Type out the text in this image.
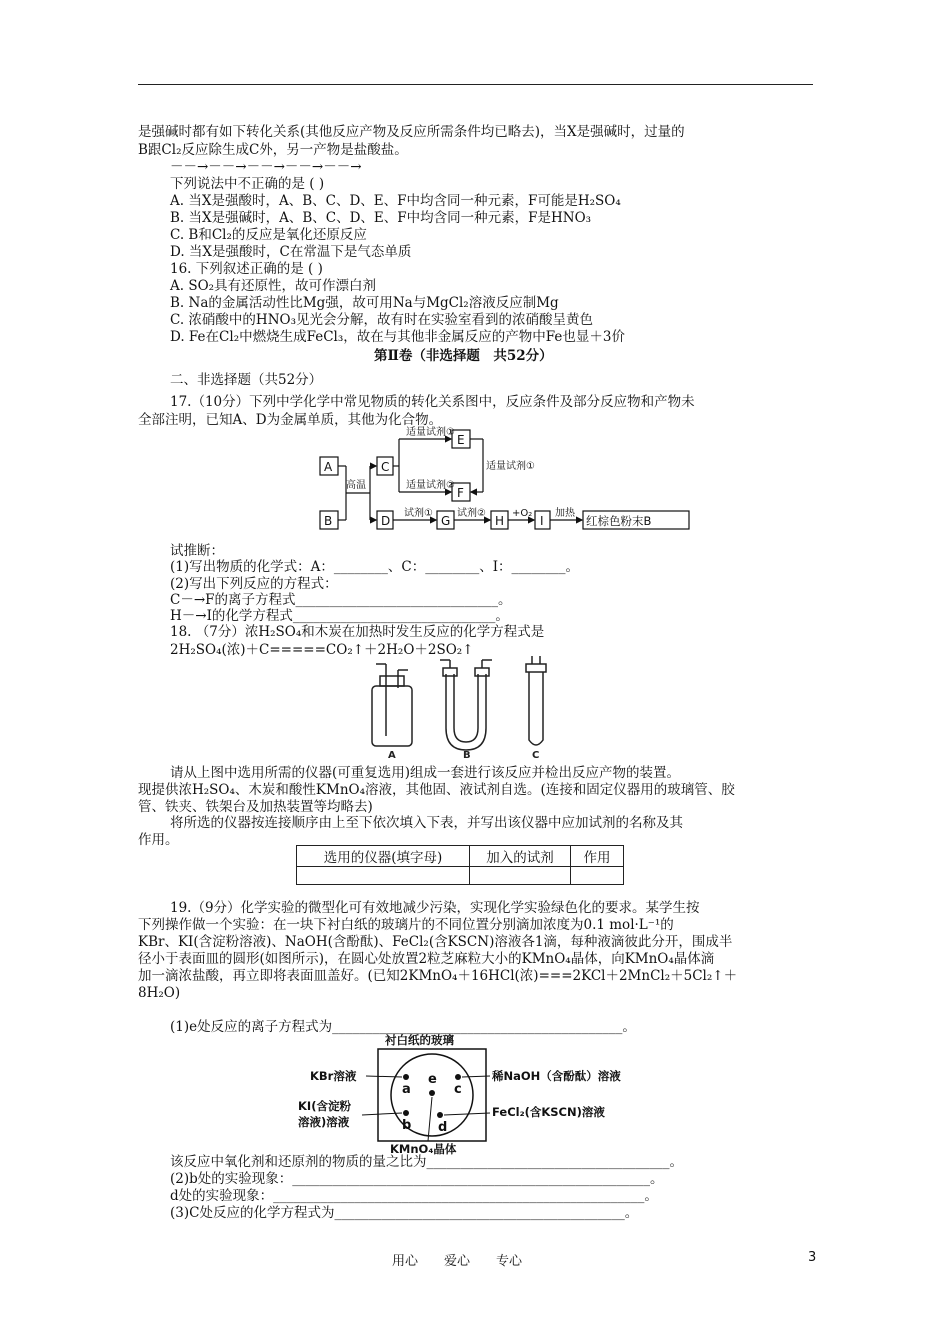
是强碱时都有如下转化关系(其他反应产物及反应所需条件均已略去)，当X是强碱时，过量的
B跟Cl₂反应除生成C外，另一产物是盐酸盐。
－－→－－→－－→－－→－－→
下列说法中不正确的是 ( )
A. 当X是强酸时，A、B、C、D、E、F中均含同一种元素，F可能是H₂SO₄
B. 当X是强碱时，A、B、C、D、E、F中均含同一种元素，F是HNO₃
C. B和Cl₂的反应是氧化还原反应
D. 当X是强酸时，C在常温下是气态单质
16. 下列叙述正确的是 ( )
A. SO₂具有还原性，故可作漂白剂
B. Na的金属活动性比Mg强，故可用Na与MgCl₂溶液反应制Mg
C. 浓硝酸中的HNO₃见光会分解，故有时在实验室看到的浓硝酸呈黄色
D. Fe在Cl₂中燃烧生成FeCl₃，故在与其他非金属反应的产物中Fe也显＋3价
第Ⅱ卷（非选择题　共52分）
二、非选择题（共52分）
17.（10分）下列中学化学中常见物质的转化关系图中，反应条件及部分反应物和产物未
全部注明，已知A、D为金属单质，其他为化合物。
A
B
C
D
E
F
G	H	I
高温
适量试剂①
适量试剂②
适量试剂①
试剂① 试剂②	+O₂ 加热
红棕色粉末B
试推断：
(1)写出物质的化学式：A：________、C：________、I：________。
(2)写出下列反应的方程式：
C－→F的离子方程式______________________________。
H－→I的化学方程式______________________________。
18. （7分）浓H₂SO₄和木炭在加热时发生反应的化学方程式是
2H₂SO₄(浓)＋C=====CO₂↑＋2H₂O＋2SO₂↑
A	B	C
请从上图中选用所需的仪器(可重复选用)组成一套进行该反应并检出反应产物的装置。
现提供浓H₂SO₄、木炭和酸性KMnO₄溶液，其他固、液试剂自选。(连接和固定仪器用的玻璃管、胶
管、铁夹、铁架台及加热装置等均略去)
将所选的仪器按连接顺序由上至下依次填入下表，并写出该仪器中应加试剂的名称及其
作用。
选用的仪器(填字母)	加入的试剂	作用

19.（9分）化学实验的微型化可有效地减少污染，实现化学实验绿色化的要求。某学生按
下列操作做一个实验：在一块下衬白纸的玻璃片的不同位置分别滴加浓度为0.1 mol·L⁻¹的
KBr、KI(含淀粉溶液)、NaOH(含酚酞)、FeCl₂(含KSCN)溶液各1滴，每种液滴彼此分开，围成半
径小于表面皿的圆形(如图所示)，在圆心处放置2粒芝麻粒大小的KMnO₄晶体，向KMnO₄晶体滴
加一滴浓盐酸，再立即将表面皿盖好。(已知2KMnO₄＋16HCl(浓)===2KCl＋2MnCl₂＋5Cl₂↑＋
8H₂O)
(1)e处反应的离子方程式为___________________________________________。
a
e
c
b d
衬白纸的玻璃
KBr溶液	稀NaOH（含酚酞）溶液
KI(含淀粉
溶液)溶液
FeCl₂(含KSCN)溶液
KMnO₄晶体
该反应中氧化剂和还原剂的物质的量之比为____________________________________。
(2)b处的实验现象：_____________________________________________________。
d处的实验现象：_______________________________________________________。
(3)C处反应的化学方程式为___________________________________________。
用心　　爱心　　专心	3
